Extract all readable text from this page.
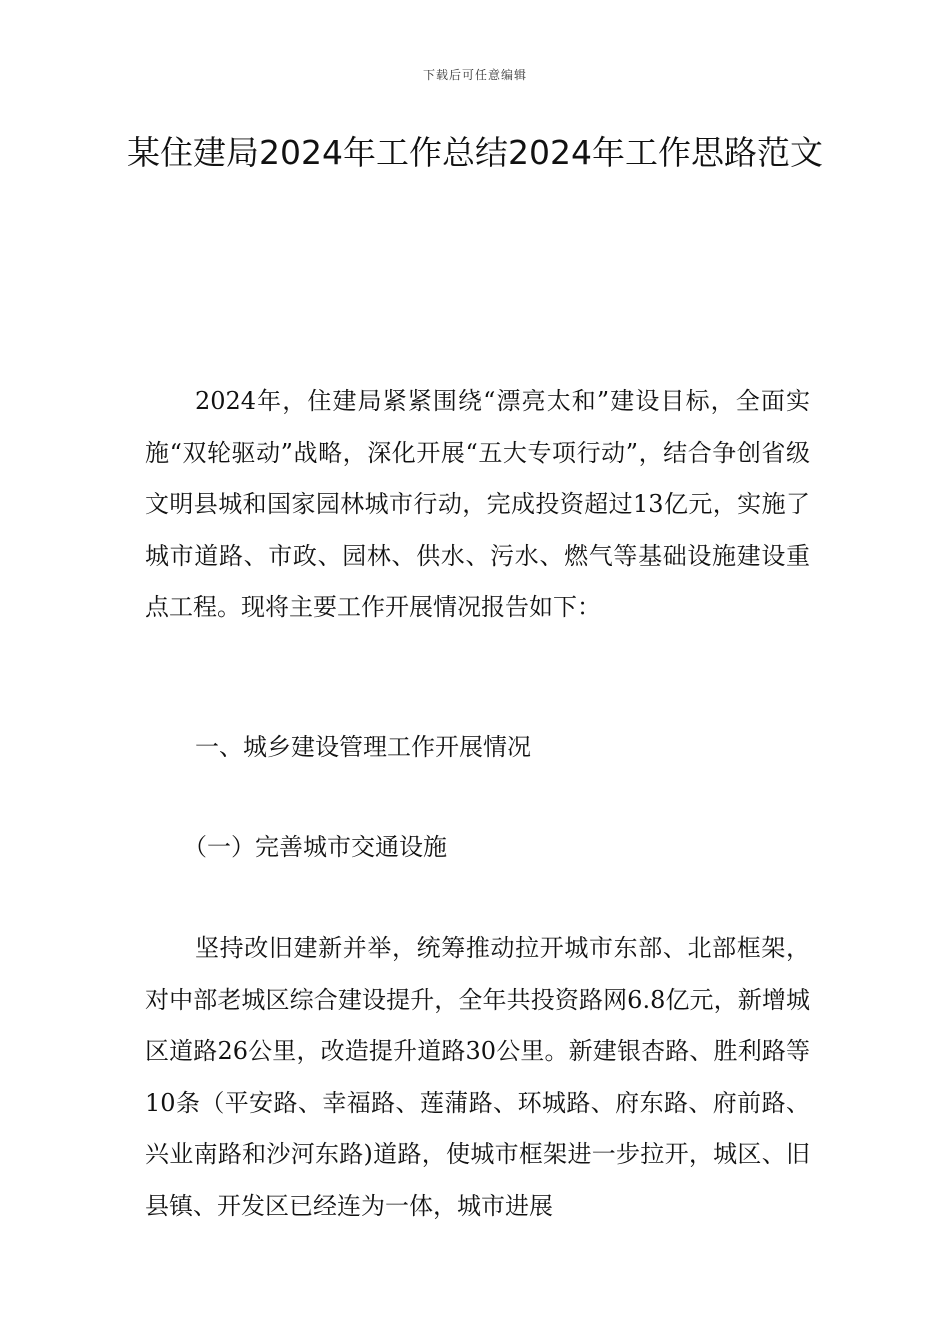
下载后可任意编辑
某住建局2024年工作总结2024年工作思路范文

2024年，住建局紧紧围绕“漂亮太和”建设目标，全面实施“双轮驱动”战略，深化开展“五大专项行动”，结合争创省级文明县城和国家园林城市行动，完成投资超过13亿元，实施了城市道路、市政、园林、供水、污水、燃气等基础设施建设重点工程。现将主要工作开展情况报告如下：

一、城乡建设管理工作开展情况

（一）完善城市交通设施

坚持改旧建新并举，统筹推动拉开城市东部、北部框架，对中部老城区综合建设提升，全年共投资路网6.8亿元，新增城区道路26公里，改造提升道路30公里。新建银杏路、胜利路等10条（平安路、幸福路、莲蒲路、环城路、府东路、府前路、兴业南路和沙河东路)道路，使城市框架进一步拉开，城区、旧县镇、开发区已经连为一体，城市进展
